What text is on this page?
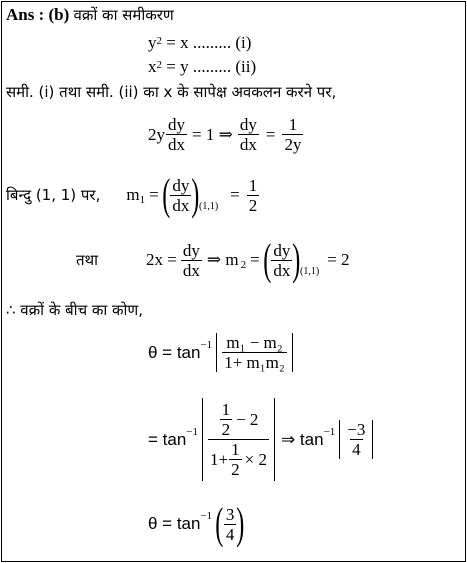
Ans : (b) वक्रों का समीकरण
$y^2 = x$ ......... (i)
$x^2 = y$ ......... (ii)
समी. (i) तथा समी. (ii) का x के सापेक्ष अवकलन करने पर,
$2y \frac{dy}{dx} = 1$ ⇒ $\frac{dy}{dx} = \frac{1}{2y}$
बिन्दु (1, 1) पर, m 1 = ( $\frac{dy}{dx}$ ) (1,1)
= $\frac{1}{2}$
तथा	$2x = \frac{dy}{dx}$ ⇒ m 2 = ( $\frac{dy}{dx}$ ) (1,1)
= 2
∴ वक्रों के बीच का कोण,
$\theta = \tan -1 \frac{\text{m₁ − m₂}}{\text{1+ m₁m₂}}$
= $\tan -1 \frac{\frac{1}{2} - 2}{1+ \frac{1}{2} \times 2}$ ⇒ $\tan -1 \frac{-3}{4}$
θ = tan −1 ( $\frac{3}{4}$ )
